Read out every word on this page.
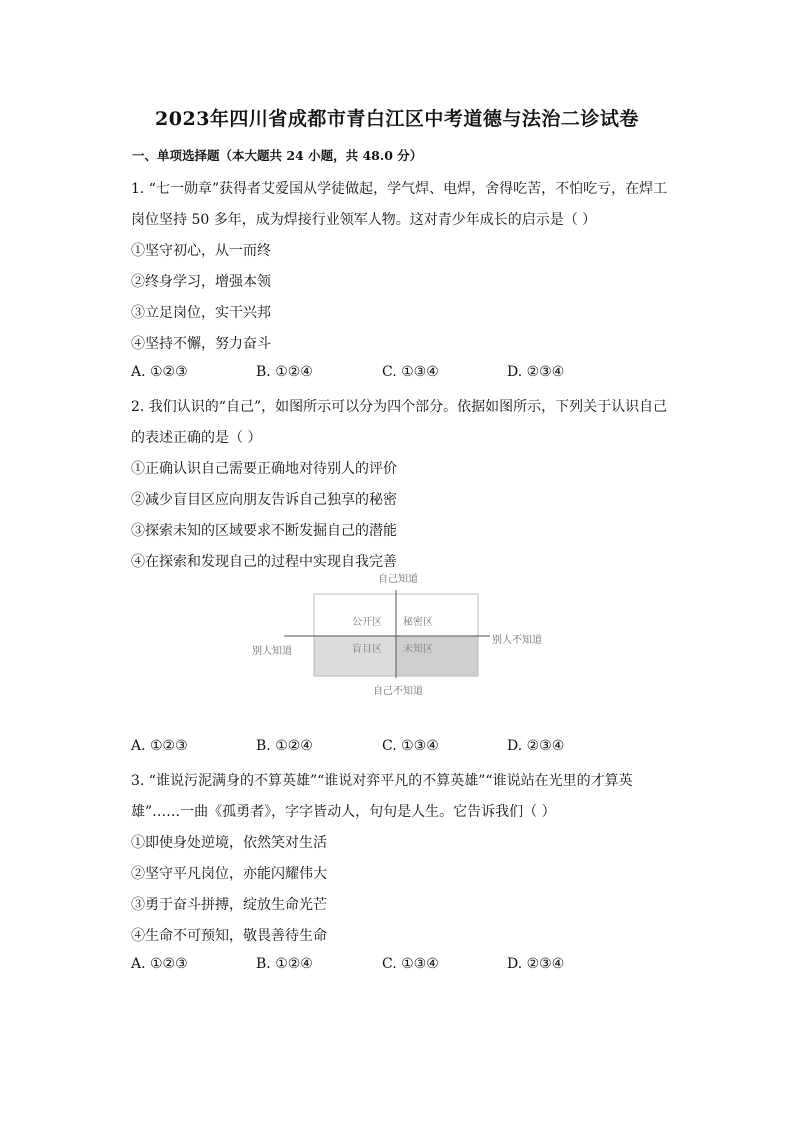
2023年四川省成都市青白江区中考道德与法治二诊试卷
一、单项选择题（本大题共 24 小题，共 48.0 分）
1. “七一勋章”获得者艾爱国从学徒做起，学气焊、电焊，舍得吃苦，不怕吃亏，在焊工
岗位坚持 50 多年，成为焊接行业领军人物。这对青少年成长的启示是（ ）
①坚守初心，从一而终
②终身学习，增强本领
③立足岗位，实干兴邦
④坚持不懈，努力奋斗
A. ①②③	B. ①②④	C. ①③④	D. ②③④
2. 我们认识的“自己”，如图所示可以分为四个部分。依据如图所示，下列关于认识自己
的表述正确的是（ ）
①正确认识自己需要正确地对待别人的评价
②减少盲目区应向朋友告诉自己独享的秘密
③探索未知的区域要求不断发掘自己的潜能
④在探索和发现自己的过程中实现自我完善
自己知道
公开区 秘密区
盲目区 未知区
别人知道
别人不知道
自己不知道
A. ①②③	B. ①②④	C. ①③④	D. ②③④
3. “谁说污泥满身的不算英雄”“谁说对弈平凡的不算英雄”“谁说站在光里的才算英
雄”……一曲《孤勇者》，字字皆动人，句句是人生。它告诉我们（ ）
①即使身处逆境，依然笑对生活
②坚守平凡岗位，亦能闪耀伟大
③勇于奋斗拼搏，绽放生命光芒
④生命不可预知，敬畏善待生命
A. ①②③	B. ①②④	C. ①③④	D. ②③④
